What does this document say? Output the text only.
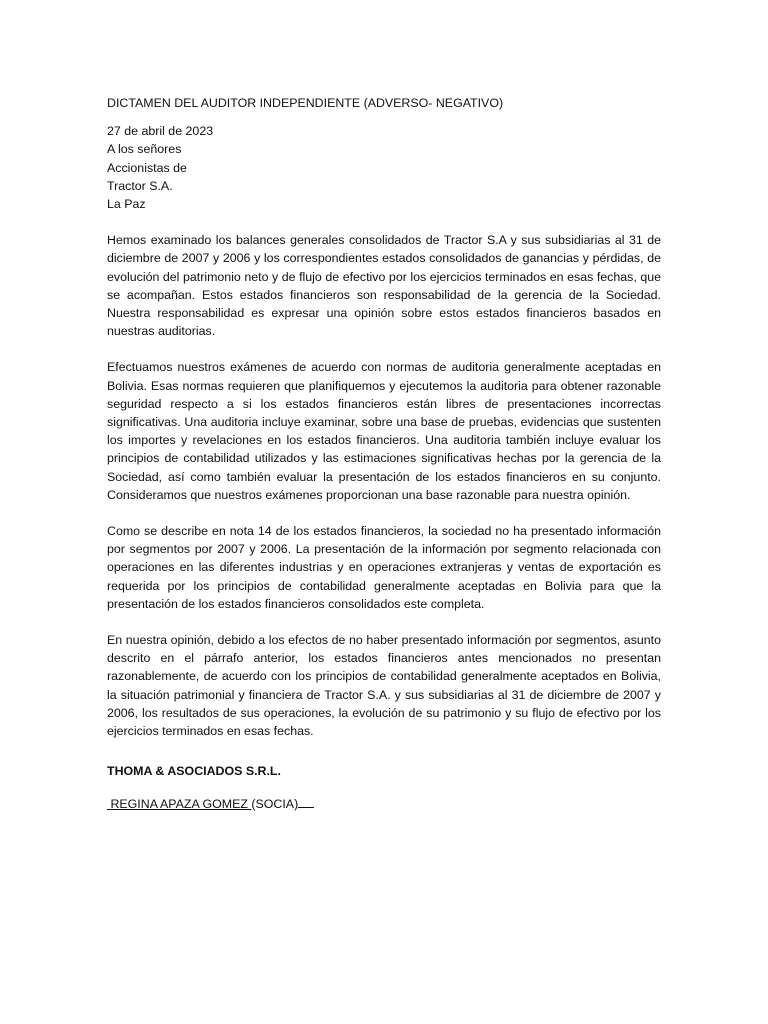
DICTAMEN DEL AUDITOR INDEPENDIENTE (ADVERSO- NEGATIVO)
27 de abril de 2023
A los señores
Accionistas de
Tractor S.A.
La Paz

Hemos examinado los balances generales consolidados de Tractor S.A y sus subsidiarias al 31 de diciembre de 2007 y 2006 y los correspondientes estados consolidados de ganancias y pérdidas, de evolución del patrimonio neto y de flujo de efectivo por los ejercicios terminados en esas fechas, que se acompañan. Estos estados financieros son responsabilidad de la gerencia de la Sociedad. Nuestra responsabilidad es expresar una opinión sobre estos estados financieros basados en nuestras auditorias.

Efectuamos nuestros exámenes de acuerdo con normas de auditoria generalmente aceptadas en Bolivia. Esas normas requieren que planifiquemos y ejecutemos la auditoria para obtener razonable seguridad respecto a si los estados financieros están libres de presentaciones incorrectas significativas. Una auditoria incluye examinar, sobre una base de pruebas, evidencias que sustenten los importes y revelaciones en los estados financieros. Una auditoria también incluye evaluar los principios de contabilidad utilizados y las estimaciones significativas hechas por la gerencia de la Sociedad, así como también evaluar la presentación de los estados financieros en su conjunto. Consideramos que nuestros exámenes proporcionan una base razonable para nuestra opinión.

Como se describe en nota 14 de los estados financieros, la sociedad no ha presentado información por segmentos por 2007 y 2006. La presentación de la información por segmento relacionada con operaciones en las diferentes industrias y en operaciones extranjeras y ventas de exportación es requerida por los principios de contabilidad generalmente aceptadas en Bolivia para que la presentación de los estados financieros consolidados este completa.

En nuestra opinión, debido a los efectos de no haber presentado información por segmentos, asunto descrito en el párrafo anterior, los estados financieros antes mencionados no presentan razonablemente, de acuerdo con los principios de contabilidad generalmente aceptados en Bolivia, la situación patrimonial y financiera de Tractor S.A. y sus subsidiarias al 31 de diciembre de 2007 y 2006, los resultados de sus operaciones, la evolución de su patrimonio y su flujo de efectivo por los ejercicios terminados en esas fechas.

THOMA & ASOCIADOS S.R.L.
REGINA APAZA GOMEZ (SOCIA)
